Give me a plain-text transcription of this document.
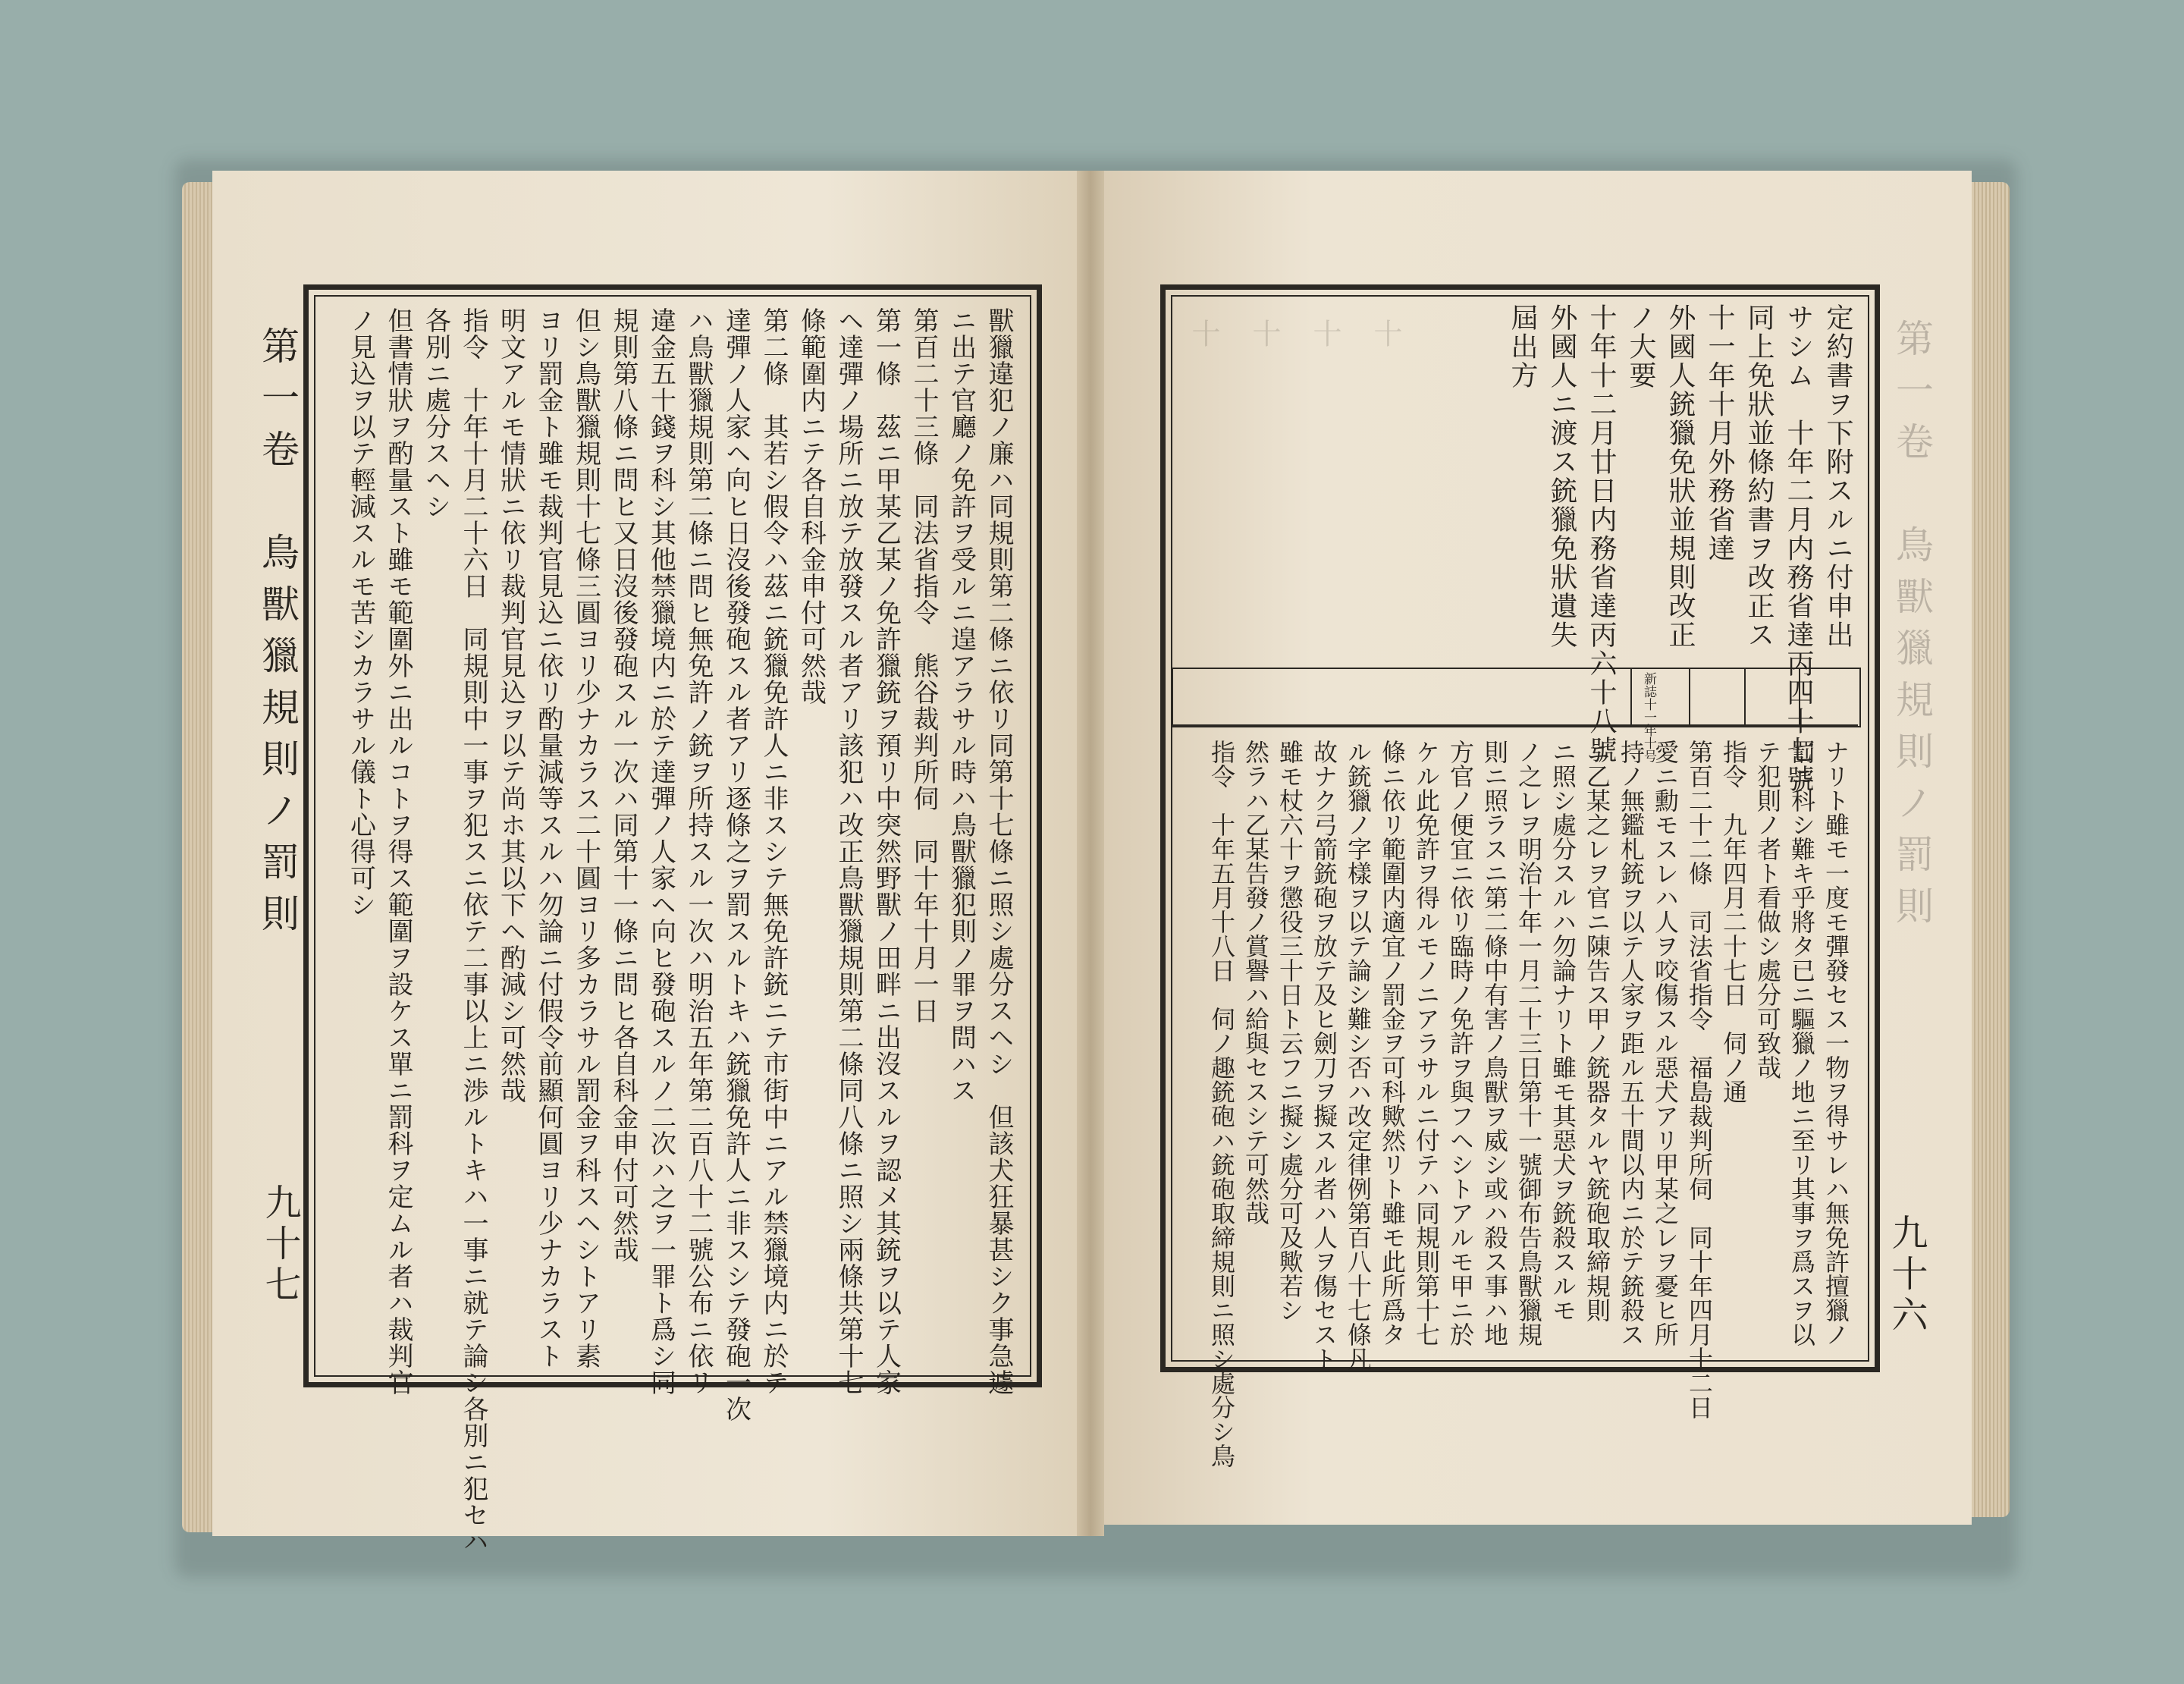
第一卷　鳥獸獵規則ノ罰則
九十七	獸獵違犯ノ廉ハ同規則第二條ニ依リ同第十七條ニ照シ處分スヘシ　但該犬狂暴甚シク事急遽
ニ出テ官廳ノ免許ヲ受ルニ遑アラサル時ハ鳥獸獵犯則ノ罪ヲ問ハス
第百二十三條　同法省指令　熊谷裁判所伺　同十年十月一日
第一條　茲ニ甲某乙某ノ免許獵銃ヲ預リ中突然野獸ノ田畔ニ出沒スルヲ認メ其銃ヲ以テ人家
ヘ達彈ノ場所ニ放テ放發スル者アリ該犯ハ改正鳥獸獵規則第二條同八條ニ照シ兩條共第十七
條範圍内ニテ各自科金申付可然哉
第二條　其若シ假令ハ茲ニ銃獵免許人ニ非スシテ無免許銃ニテ市街中ニアル禁獵境内ニ於テ
達彈ノ人家ヘ向ヒ日沒後發砲スル者アリ逐條之ヲ罰スルトキハ銃獵免許人ニ非スシテ發砲一次
ハ鳥獸獵規則第二條ニ問ヒ無免許ノ銃ヲ所持スル一次ハ明治五年第二百八十二號公布ニ依リ
違金五十錢ヲ科シ其他禁獵境内ニ於テ達彈ノ人家ヘ向ヒ發砲スルノ二次ハ之ヲ一罪ト爲シ同
規則第八條ニ問ヒ又日沒後發砲スル一次ハ同第十一條ニ問ヒ各自科金申付可然哉
但シ鳥獸獵規則十七條三圓ヨリ少ナカラス二十圓ヨリ多カラサル罰金ヲ科スヘシトアリ素
ヨリ罰金ト雖モ裁判官見込ニ依リ酌量減等スルハ勿論ニ付假令前顯何圓ヨリ少ナカラスト
明文アルモ情狀ニ依リ裁判官見込ヲ以テ尚ホ其以下ヘ酌減シ可然哉
指令　十年十月二十六日　同規則中一事ヲ犯スニ依テ二事以上ニ渉ルトキハ一事ニ就テ論シ各別ニ犯セハ
各別ニ處分スヘシ
但書情狀ヲ酌量スト雖モ範圍外ニ出ルコトヲ得ス範圍ヲ設ケス單ニ罰科ヲ定ムル者ハ裁判官
ノ見込ヲ以テ輕減スルモ苦シカラサル儀ト心得可シ	第一卷　鳥獸獵規則ノ罰則
九十六
新誌十一年十号
定約書ヲ下附スルニ付申出
サシム　十年二月内務省達丙四十七號
同上免狀並條約書ヲ改正ス
十一年十月外務省達
外國人銃獵免狀並規則改正
ノ大要
十年十二月廿日内務省達丙六十八號
外國人ニ渡ス銃獵免狀遺失
屆出方
ナリト雖モ一度モ彈發セス一物ヲ得サレハ無免許擅獵ノ
罰ニ科シ難キ乎將タ已ニ驅獵ノ地ニ至リ其事ヲ爲スヲ以
テ犯則ノ者ト看做シ處分可致哉
指令　九年四月二十七日　伺ノ通
第百二十二條　司法省指令　福島裁判所伺　同十年四月十二日
愛ニ勳モスレハ人ヲ咬傷スル惡犬アリ甲某之レヲ憂ヒ所
持ノ無鑑札銃ヲ以テ人家ヲ距ル五十間以内ニ於テ銃殺ス
ニ乙某之レヲ官ニ陳告ス甲ノ銃器タルヤ銃砲取締規則
ニ照シ處分スルハ勿論ナリト雖モ其惡犬ヲ銃殺スルモ
ノ之レヲ明治十年一月二十三日第十一號御布告鳥獸獵規
則ニ照ラスニ第二條中有害ノ鳥獸ヲ威シ或ハ殺ス事ハ地
方官ノ便宜ニ依リ臨時ノ免許ヲ與フヘシトアルモ甲ニ於
ケル此免許ヲ得ルモノニアラサルニ付テハ同規則第十七
條ニ依リ範圍内適宜ノ罰金ヲ可科歟然リト雖モ此所爲タ
ル銃獵ノ字樣ヲ以テ論シ難シ否ハ改定律例第百八十七條凡
故ナク弓箭銃砲ヲ放テ及ヒ劍刀ヲ擬スル者ハ人ヲ傷セスト
雖モ杖六十ヲ懲役三十日ト云フニ擬シ處分可及歟若シ
然ラハ乙某告發ノ賞譽ハ給與セスシテ可然哉
指令　十年五月十八日　伺ノ趣銃砲ハ銃砲取締規則ニ照シ處分シ鳥
十 十 十 十
